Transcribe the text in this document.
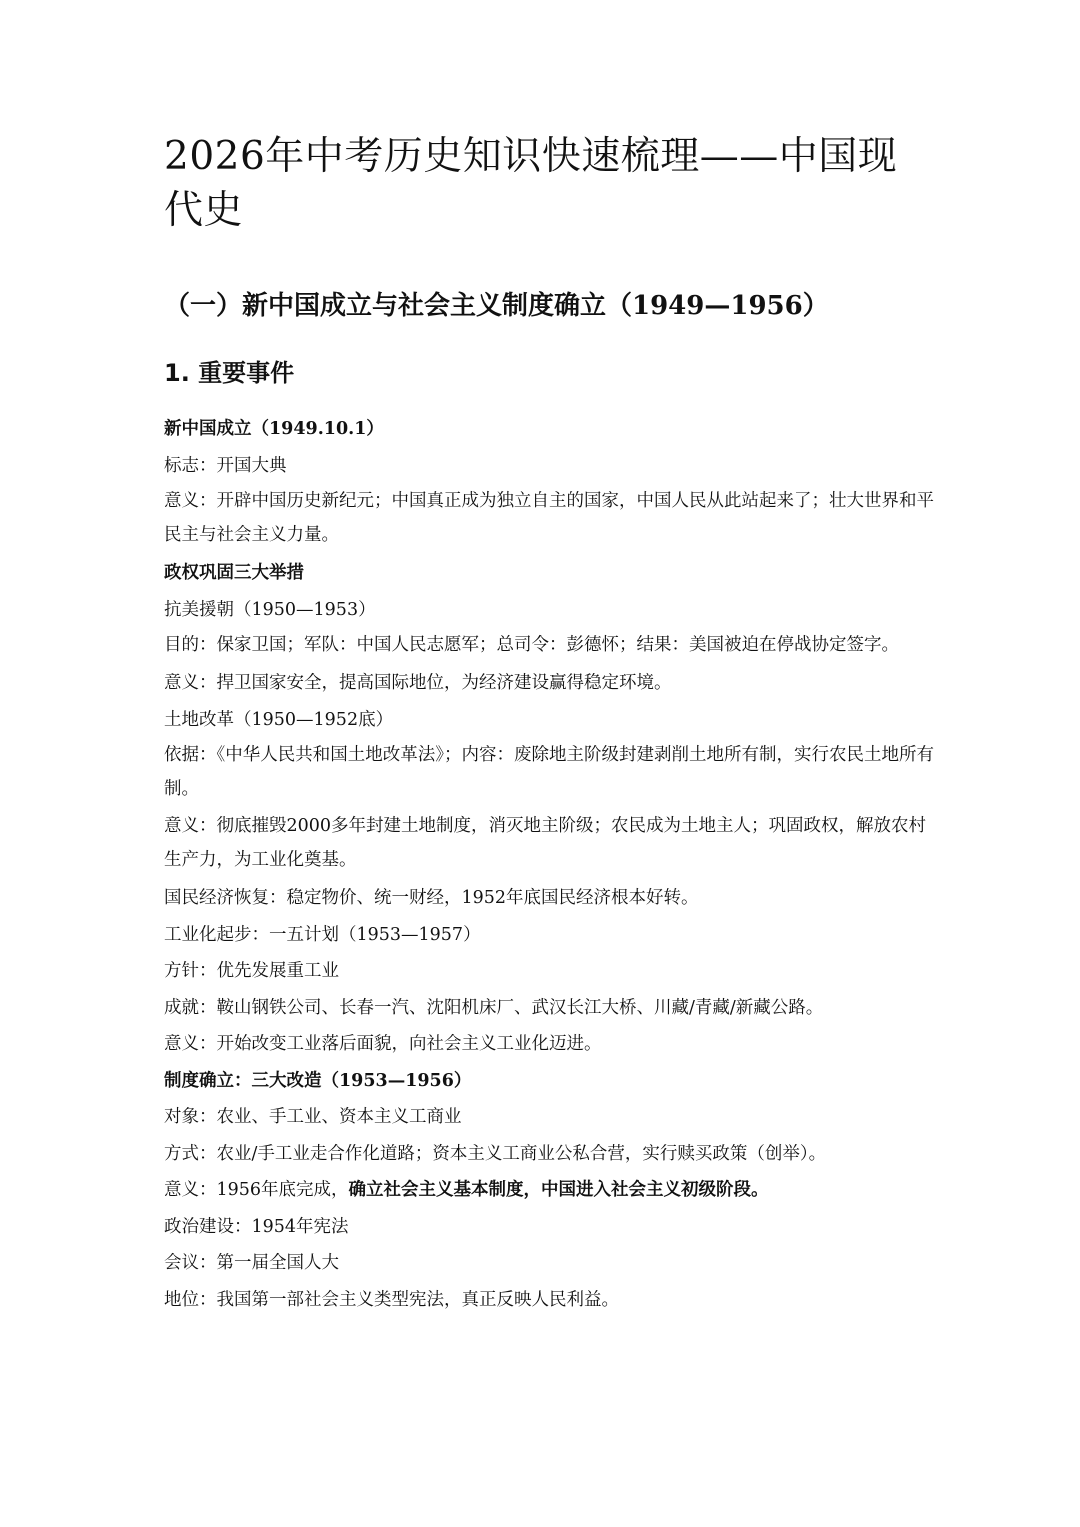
2026年中考历史知识快速梳理——中国现代史
（一）新中国成立与社会主义制度确立（1949—1956）
1. 重要事件

新中国成立（1949.10.1）

标志：开国大典

意义：开辟中国历史新纪元；中国真正成为独立自主的国家，中国人民从此站起来了；壮大世界和平民主与社会主义力量。

政权巩固三大举措

抗美援朝（1950—1953）

目的：保家卫国；军队：中国人民志愿军；总司令：彭德怀；结果：美国被迫在停战协定签字。

意义：捍卫国家安全，提高国际地位，为经济建设赢得稳定环境。

土地改革（1950—1952底）

依据：《中华人民共和国土地改革法》；内容：废除地主阶级封建剥削土地所有制，实行农民土地所有制。

意义：彻底摧毁2000多年封建土地制度，消灭地主阶级；农民成为土地主人；巩固政权，解放农村生产力，为工业化奠基。

国民经济恢复：稳定物价、统一财经，1952年底国民经济根本好转。

工业化起步：一五计划（1953—1957）

方针：优先发展重工业

成就：鞍山钢铁公司、长春一汽、沈阳机床厂、武汉长江大桥、川藏/青藏/新藏公路。

意义：开始改变工业落后面貌，向社会主义工业化迈进。

制度确立：三大改造（1953—1956）

对象：农业、手工业、资本主义工商业

方式：农业/手工业走合作化道路；资本主义工商业公私合营，实行赎买政策（创举）。

意义：1956年底完成，确立社会主义基本制度，中国进入社会主义初级阶段。

政治建设：1954年宪法

会议：第一届全国人大

地位：我国第一部社会主义类型宪法，真正反映人民利益。
